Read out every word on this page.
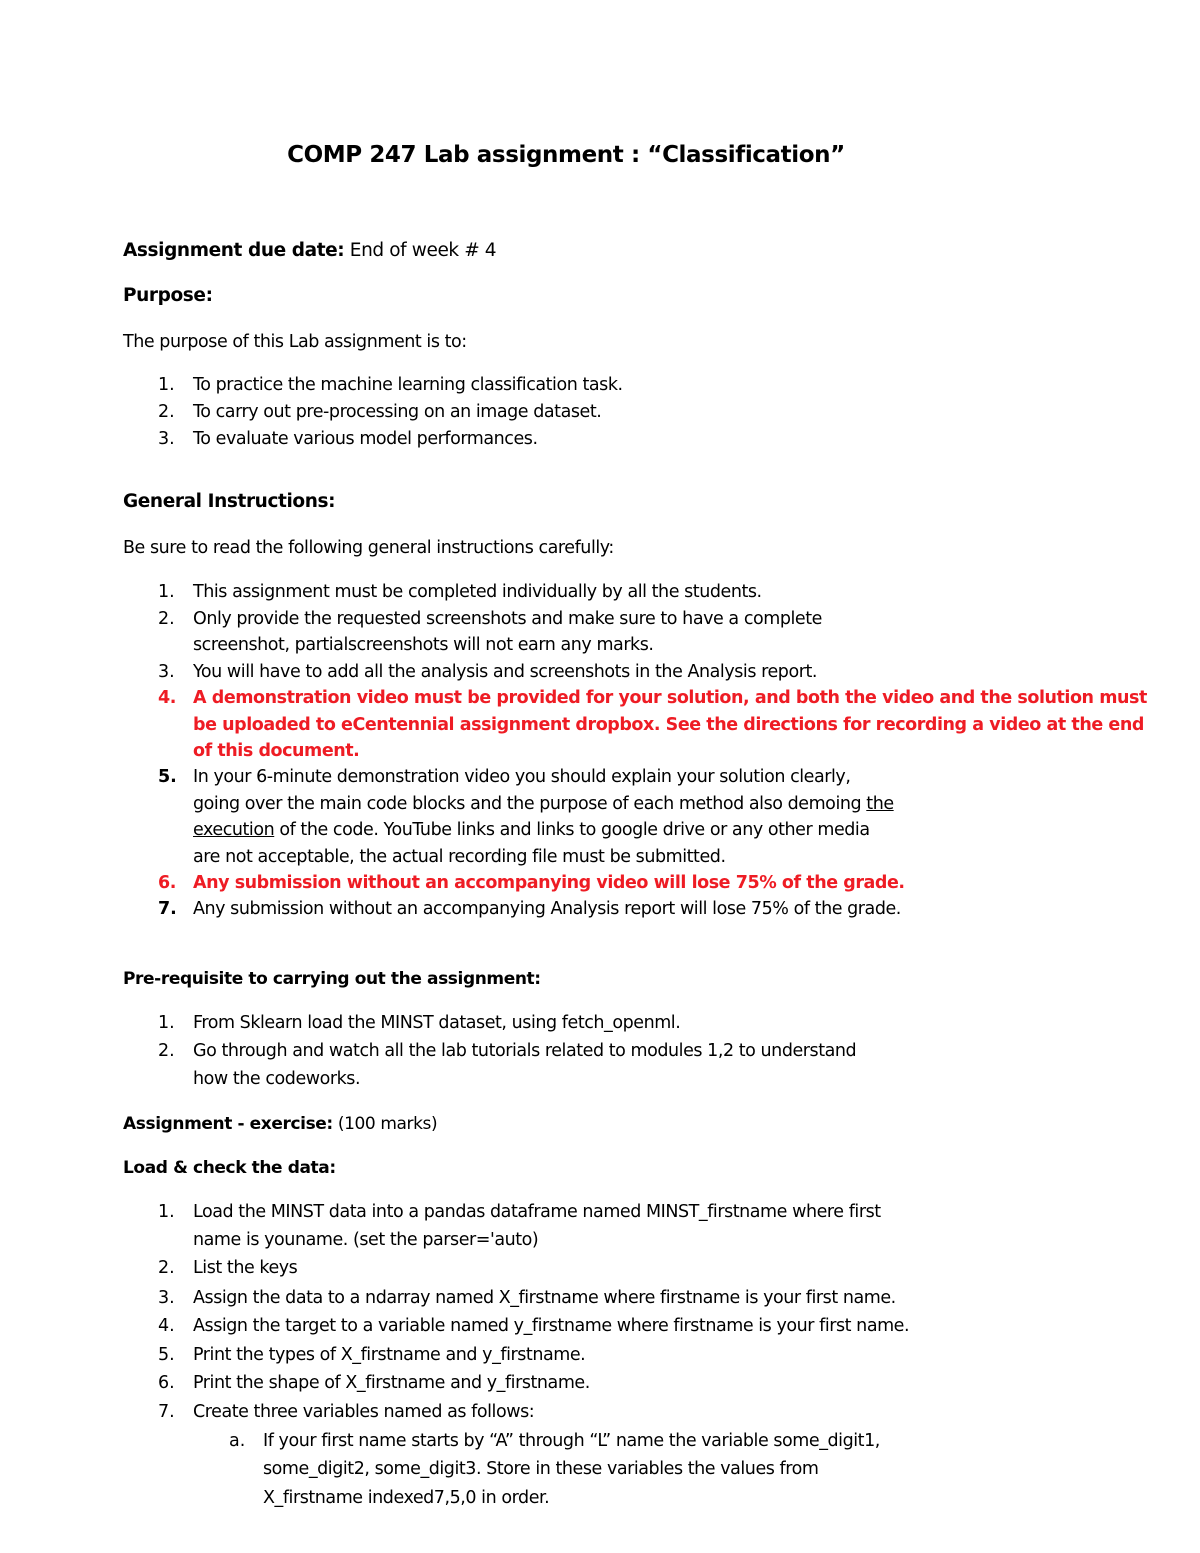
COMP 247 Lab assignment : “Classification”

Assignment due date: End of week # 4

Purpose:

The purpose of this Lab assignment is to:

1.	To practice the machine learning classification task.
2.	To carry out pre-processing on an image dataset.
3.	To evaluate various model performances.

General Instructions:

Be sure to read the following general instructions carefully:

1.	This assignment must be completed individually by all the students.
2.	Only provide the requested screenshots and make sure to have a complete
screenshot, partialscreenshots will not earn any marks.
3.	You will have to add all the analysis and screenshots in the Analysis report.
4. A demonstration video must be provided for your solution, and both the video and the solution must
be uploaded to eCentennial assignment dropbox. See the directions for recording a video at the end
of this document.
5. In your 6-minute demonstration video you should explain your solution clearly,
going over the main code blocks and the purpose of each method also demoing the
execution of the code. YouTube links and links to google drive or any other media
are not acceptable, the actual recording file must be submitted.
6. Any submission without an accompanying video will lose 75% of the grade.
7. Any submission without an accompanying Analysis report will lose 75% of the grade.

Pre-requisite to carrying out the assignment:

1.	From Sklearn load the MINST dataset, using fetch_openml.
2.	Go through and watch all the lab tutorials related to modules 1,2 to understand
how the codeworks.

Assignment - exercise: (100 marks)

Load & check the data:

1.	Load the MINST data into a pandas dataframe named MINST_firstname where first
name is youname. (set the parser='auto)
2.	List the keys
3.	Assign the data to a ndarray named X_firstname where firstname is your first name.
4.	Assign the target to a variable named y_firstname where firstname is your first name.
5.	Print the types of X_firstname and y_firstname.
6.	Print the shape of X_firstname and y_firstname.
7.	Create three variables named as follows:
a. If your first name starts by “A” through “L” name the variable some_digit1,
some_digit2, some_digit3. Store in these variables the values from
X_firstname indexed7,5,0 in order.
